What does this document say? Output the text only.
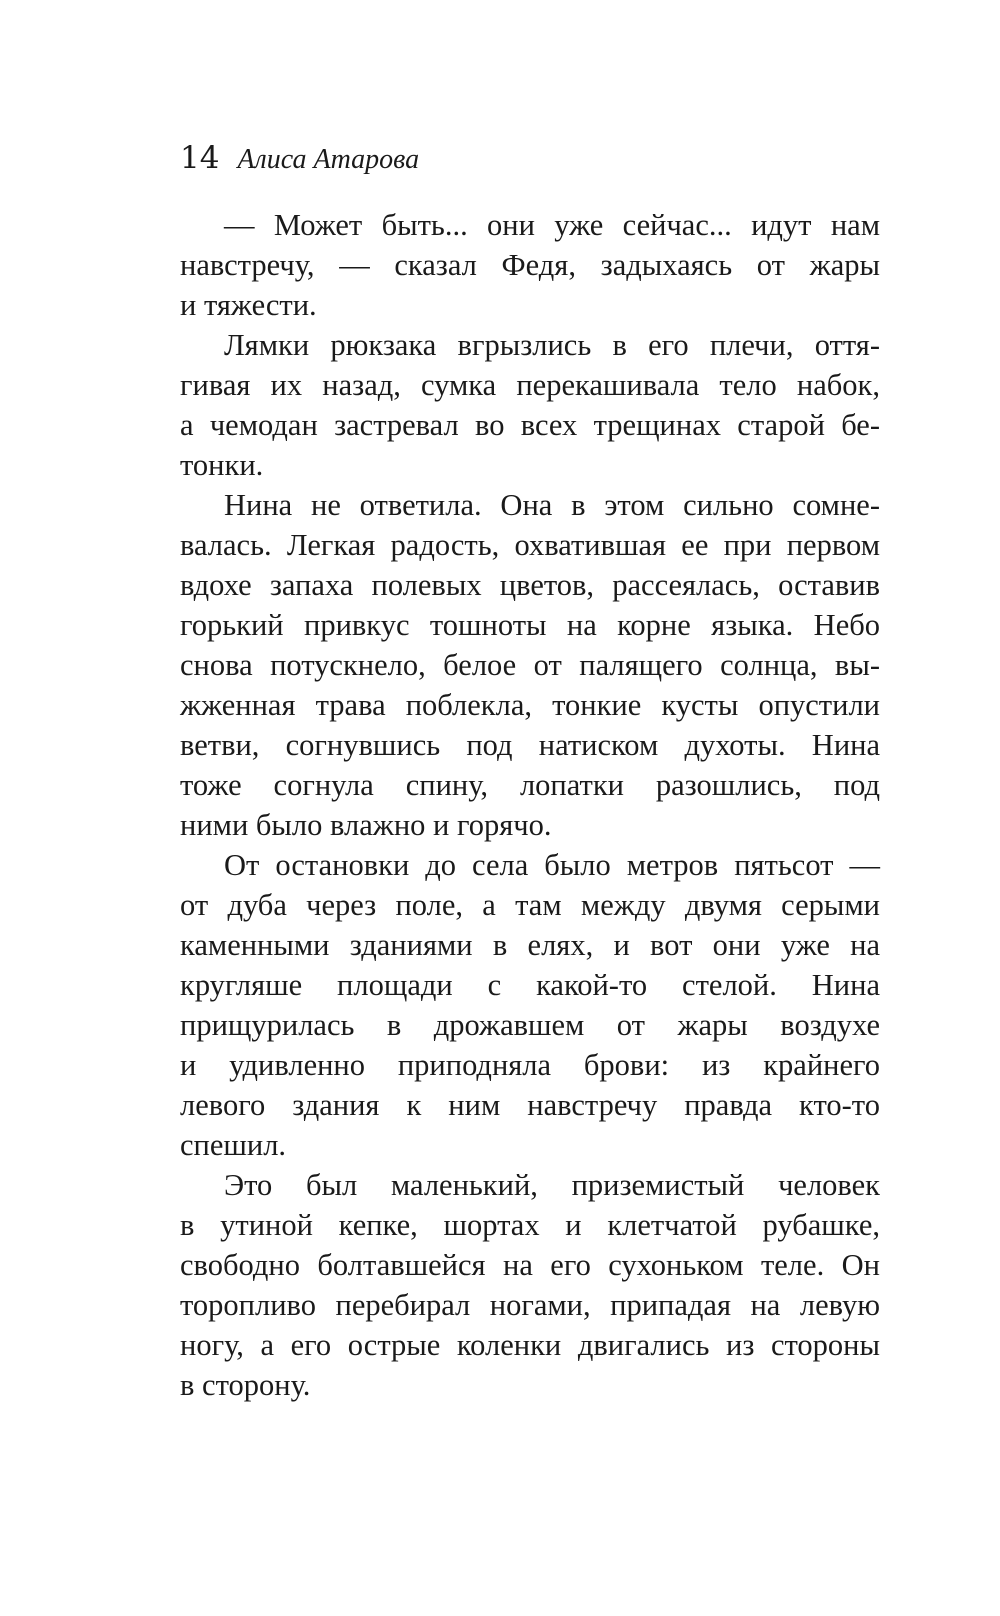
14 Алиса Атарова
— Может быть... они уже сейчас... идут нам
навстречу, — сказал Федя, задыхаясь от жары
и тяжести.
Лямки рюкзака вгрызлись в его плечи, оття-
гивая их назад, сумка перекашивала тело набок,
а чемодан застревал во всех трещинах старой бе-
тонки.
Нина не ответила. Она в этом сильно сомне-
валась. Легкая радость, охватившая ее при первом
вдохе запаха полевых цветов, рассеялась, оставив
горький привкус тошноты на корне языка. Небо
снова потускнело, белое от палящего солнца, вы-
жженная трава поблекла, тонкие кусты опустили
ветви, согнувшись под натиском духоты. Нина
тоже согнула спину, лопатки разошлись, под
ними было влажно и горячо.
От остановки до села было метров пятьсот —
от дуба через поле, а там между двумя серыми
каменными зданиями в елях, и вот они уже на
кругляше площади с какой-то стелой. Нина
прищурилась в дрожавшем от жары воздухе
и удивленно приподняла брови: из крайнего
левого здания к ним навстречу правда кто-то
спешил.
Это был маленький, приземистый человек
в утиной кепке, шортах и клетчатой рубашке,
свободно болтавшейся на его сухоньком теле. Он
торопливо перебирал ногами, припадая на левую
ногу, а его острые коленки двигались из стороны
в сторону.
